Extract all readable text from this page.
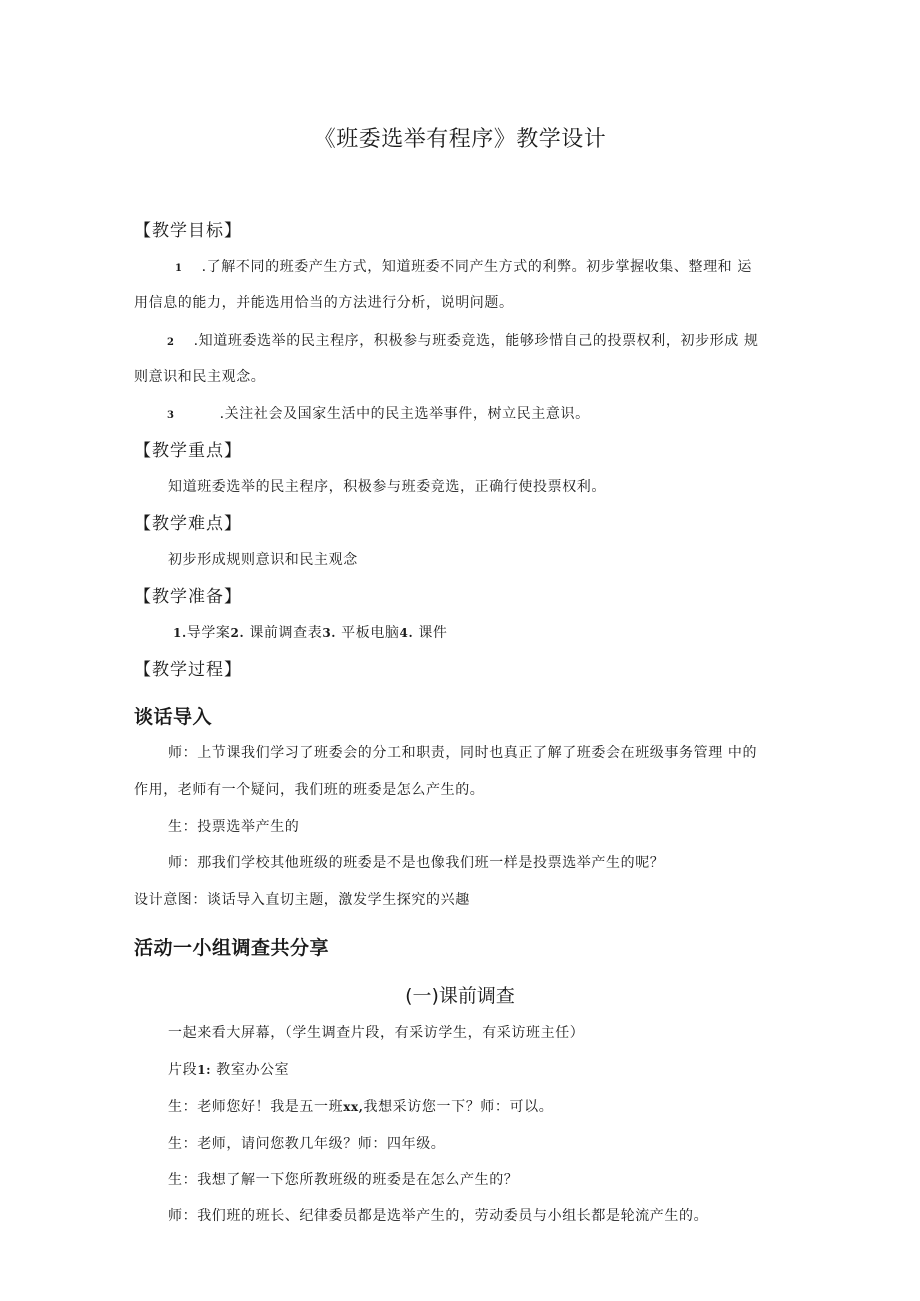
《班委选举有程序》教学设计
【教学目标】
1 .了解不同的班委产生方式，知道班委不同产生方式的利弊。初步掌握收集、整理和 运
用信息的能力，并能选用恰当的方法进行分析，说明问题。
2 .知道班委选举的民主程序，积极参与班委竞选，能够珍惜自己的投票权利，初步形成 规
则意识和民主观念。
3	.关注社会及国家生活中的民主选举事件，树立民主意识。
【教学重点】
知道班委选举的民主程序，积极参与班委竞选，正确行使投票权利。
【教学难点】
初步形成规则意识和民主观念
【教学准备】
1.导学案2. 课前调查表3. 平板电脑4. 课件
【教学过程】
谈话导入
师：上节课我们学习了班委会的分工和职责，同时也真正了解了班委会在班级事务管理 中的
作用，老师有一个疑问，我们班的班委是怎么产生的。
生：投票选举产生的
师：那我们学校其他班级的班委是不是也像我们班一样是投票选举产生的呢？
设计意图：谈话导入直切主题，激发学生探究的兴趣
活动一小组调查共分享
(一)课前调查
一起来看大屏幕，（学生调查片段，有采访学生，有采访班主任）
片段1: 教室办公室
生：老师您好！我是五一班xx,我想采访您一下？师：可以。
生：老师，请问您教几年级？师：四年级。
生：我想了解一下您所教班级的班委是在怎么产生的？
师：我们班的班长、纪律委员都是选举产生的，劳动委员与小组长都是轮流产生的。
